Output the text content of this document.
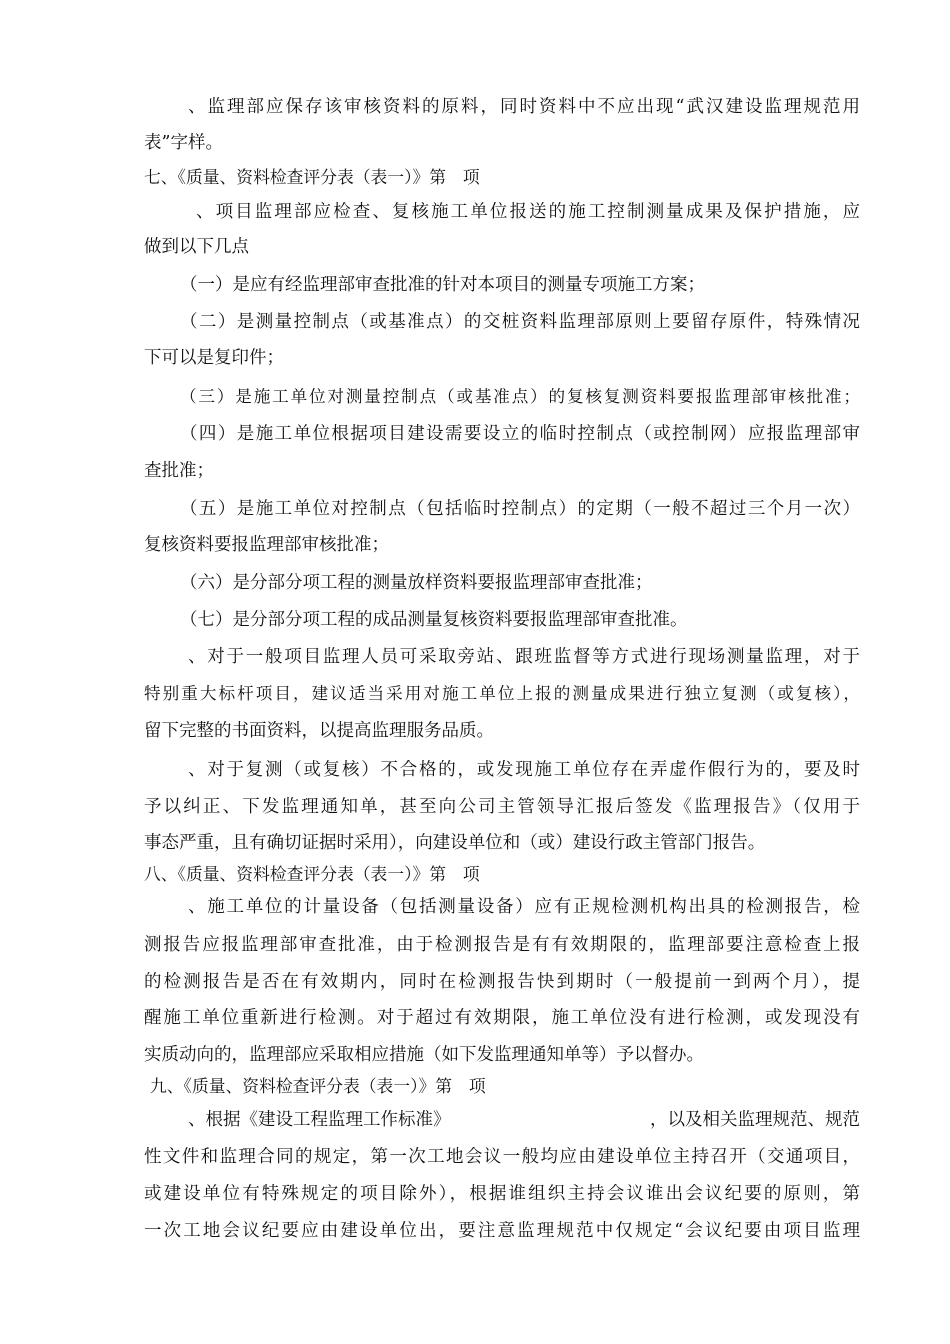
、监理部应保存该审核资料的原料，同时资料中不应出现“武汉建设监理规范用
表”字样。
七、《质量、资料检查评分表（表一）》第　项
、项目监理部应检查、复核施工单位报送的施工控制测量成果及保护措施，应
做到以下几点
（一）是应有经监理部审查批准的针对本项目的测量专项施工方案；
（二）是测量控制点（或基准点）的交桩资料监理部原则上要留存原件，特殊情况
下可以是复印件；
（三）是施工单位对测量控制点（或基准点）的复核复测资料要报监理部审核批准；
（四）是施工单位根据项目建设需要设立的临时控制点（或控制网）应报监理部审
查批准；
（五）是施工单位对控制点（包括临时控制点）的定期（一般不超过三个月一次）
复核资料要报监理部审核批准；
（六）是分部分项工程的测量放样资料要报监理部审查批准；
（七）是分部分项工程的成品测量复核资料要报监理部审查批准。
、对于一般项目监理人员可采取旁站、跟班监督等方式进行现场测量监理，对于
特别重大标杆项目，建议适当采用对施工单位上报的测量成果进行独立复测（或复核），
留下完整的书面资料，以提高监理服务品质。
、对于复测（或复核）不合格的，或发现施工单位存在弄虚作假行为的，要及时
予以纠正、下发监理通知单，甚至向公司主管领导汇报后签发《监理报告》（仅用于
事态严重，且有确切证据时采用），向建设单位和（或）建设行政主管部门报告。
八、《质量、资料检查评分表（表一）》第　项
、施工单位的计量设备（包括测量设备）应有正规检测机构出具的检测报告，检
测报告应报监理部审查批准，由于检测报告是有有效期限的，监理部要注意检查上报
的检测报告是否在有效期内，同时在检测报告快到期时（一般提前一到两个月），提
醒施工单位重新进行检测。对于超过有效期限，施工单位没有进行检测，或发现没有
实质动向的，监理部应采取相应措施（如下发监理通知单等）予以督办。
九、《质量、资料检查评分表（表一）》第　项
、根据《建设工程监理工作标准》	，以及相关监理规范、规范
性文件和监理合同的规定，第一次工地会议一般均应由建设单位主持召开（交通项目，
或建设单位有特殊规定的项目除外），根据谁组织主持会议谁出会议纪要的原则，第
一次工地会议纪要应由建设单位出，要注意监理规范中仅规定“会议纪要由项目监理
